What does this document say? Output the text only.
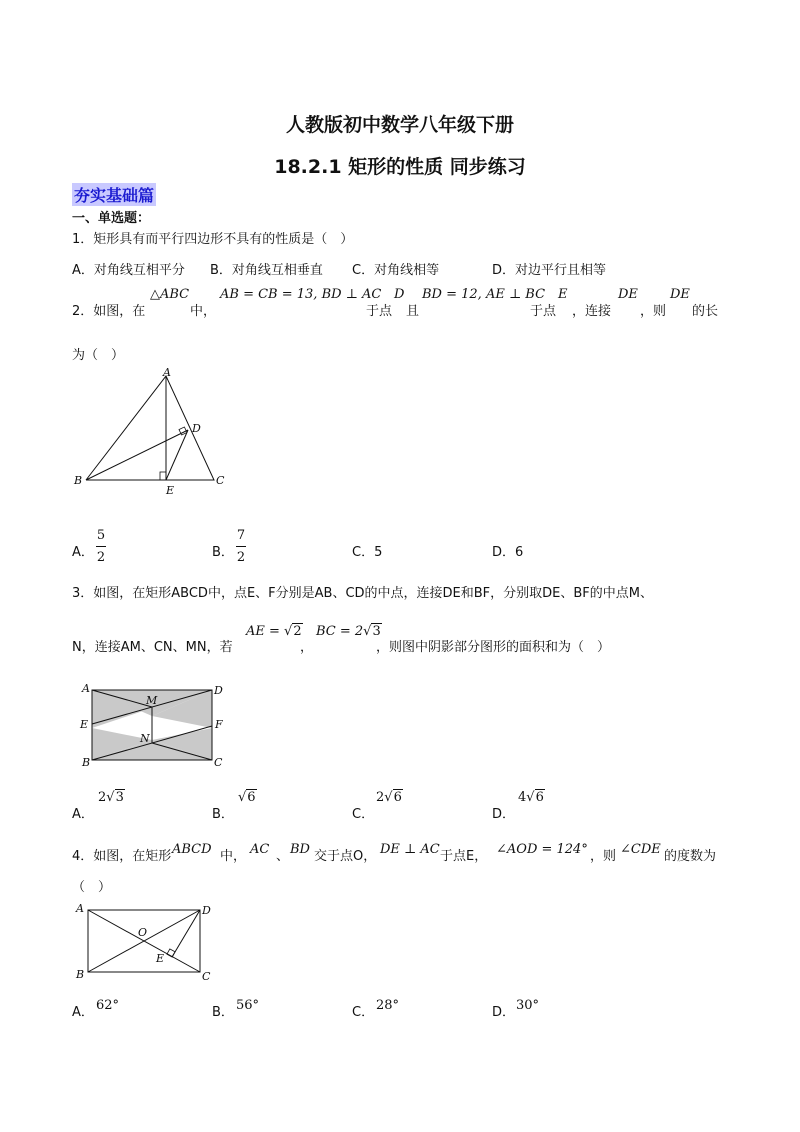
人教版初中数学八年级下册
18.2.1 矩形的性质 同步练习
夯实基础篇
一、单选题：
1．矩形具有而平行四边形不具有的性质是（　）
A．对角线互相平分 B．对角线互相垂直 C．对角线相等	D．对边平行且相等
2．如图，在
△ABC
中，
AB = CB = 13, BD ⊥ AC
于点
D
且
BD = 12, AE ⊥ BC
于点
E
，连接
DE
，则
DE
的长
为（　）
A
B	C
D
E
A．
5
2	B．
7
2	C．5	D．6
3．如图，在矩形ABCD中，点E、F分别是AB、CD的中点，连接DE和BF，分别取DE、BF的中点M、
N，连接AM、CN、MN，若
AE = √2
，
BC = 2√3
，则图中阴影部分图形的面积和为（　）
A	D
E	F
M
N
B	C
A．
2√3
B．
√6
C．
2√6
D．
4√6
4．如图，在矩形 ABCD 中， AC 、 BD 交于点O， DE ⊥ AC 于点E， ∠AOD = 124° ，则 ∠CDE 的度数为
（　）
A	D
B	C
O
E
A． 62°	B． 56°	C． 28°	D． 30°
